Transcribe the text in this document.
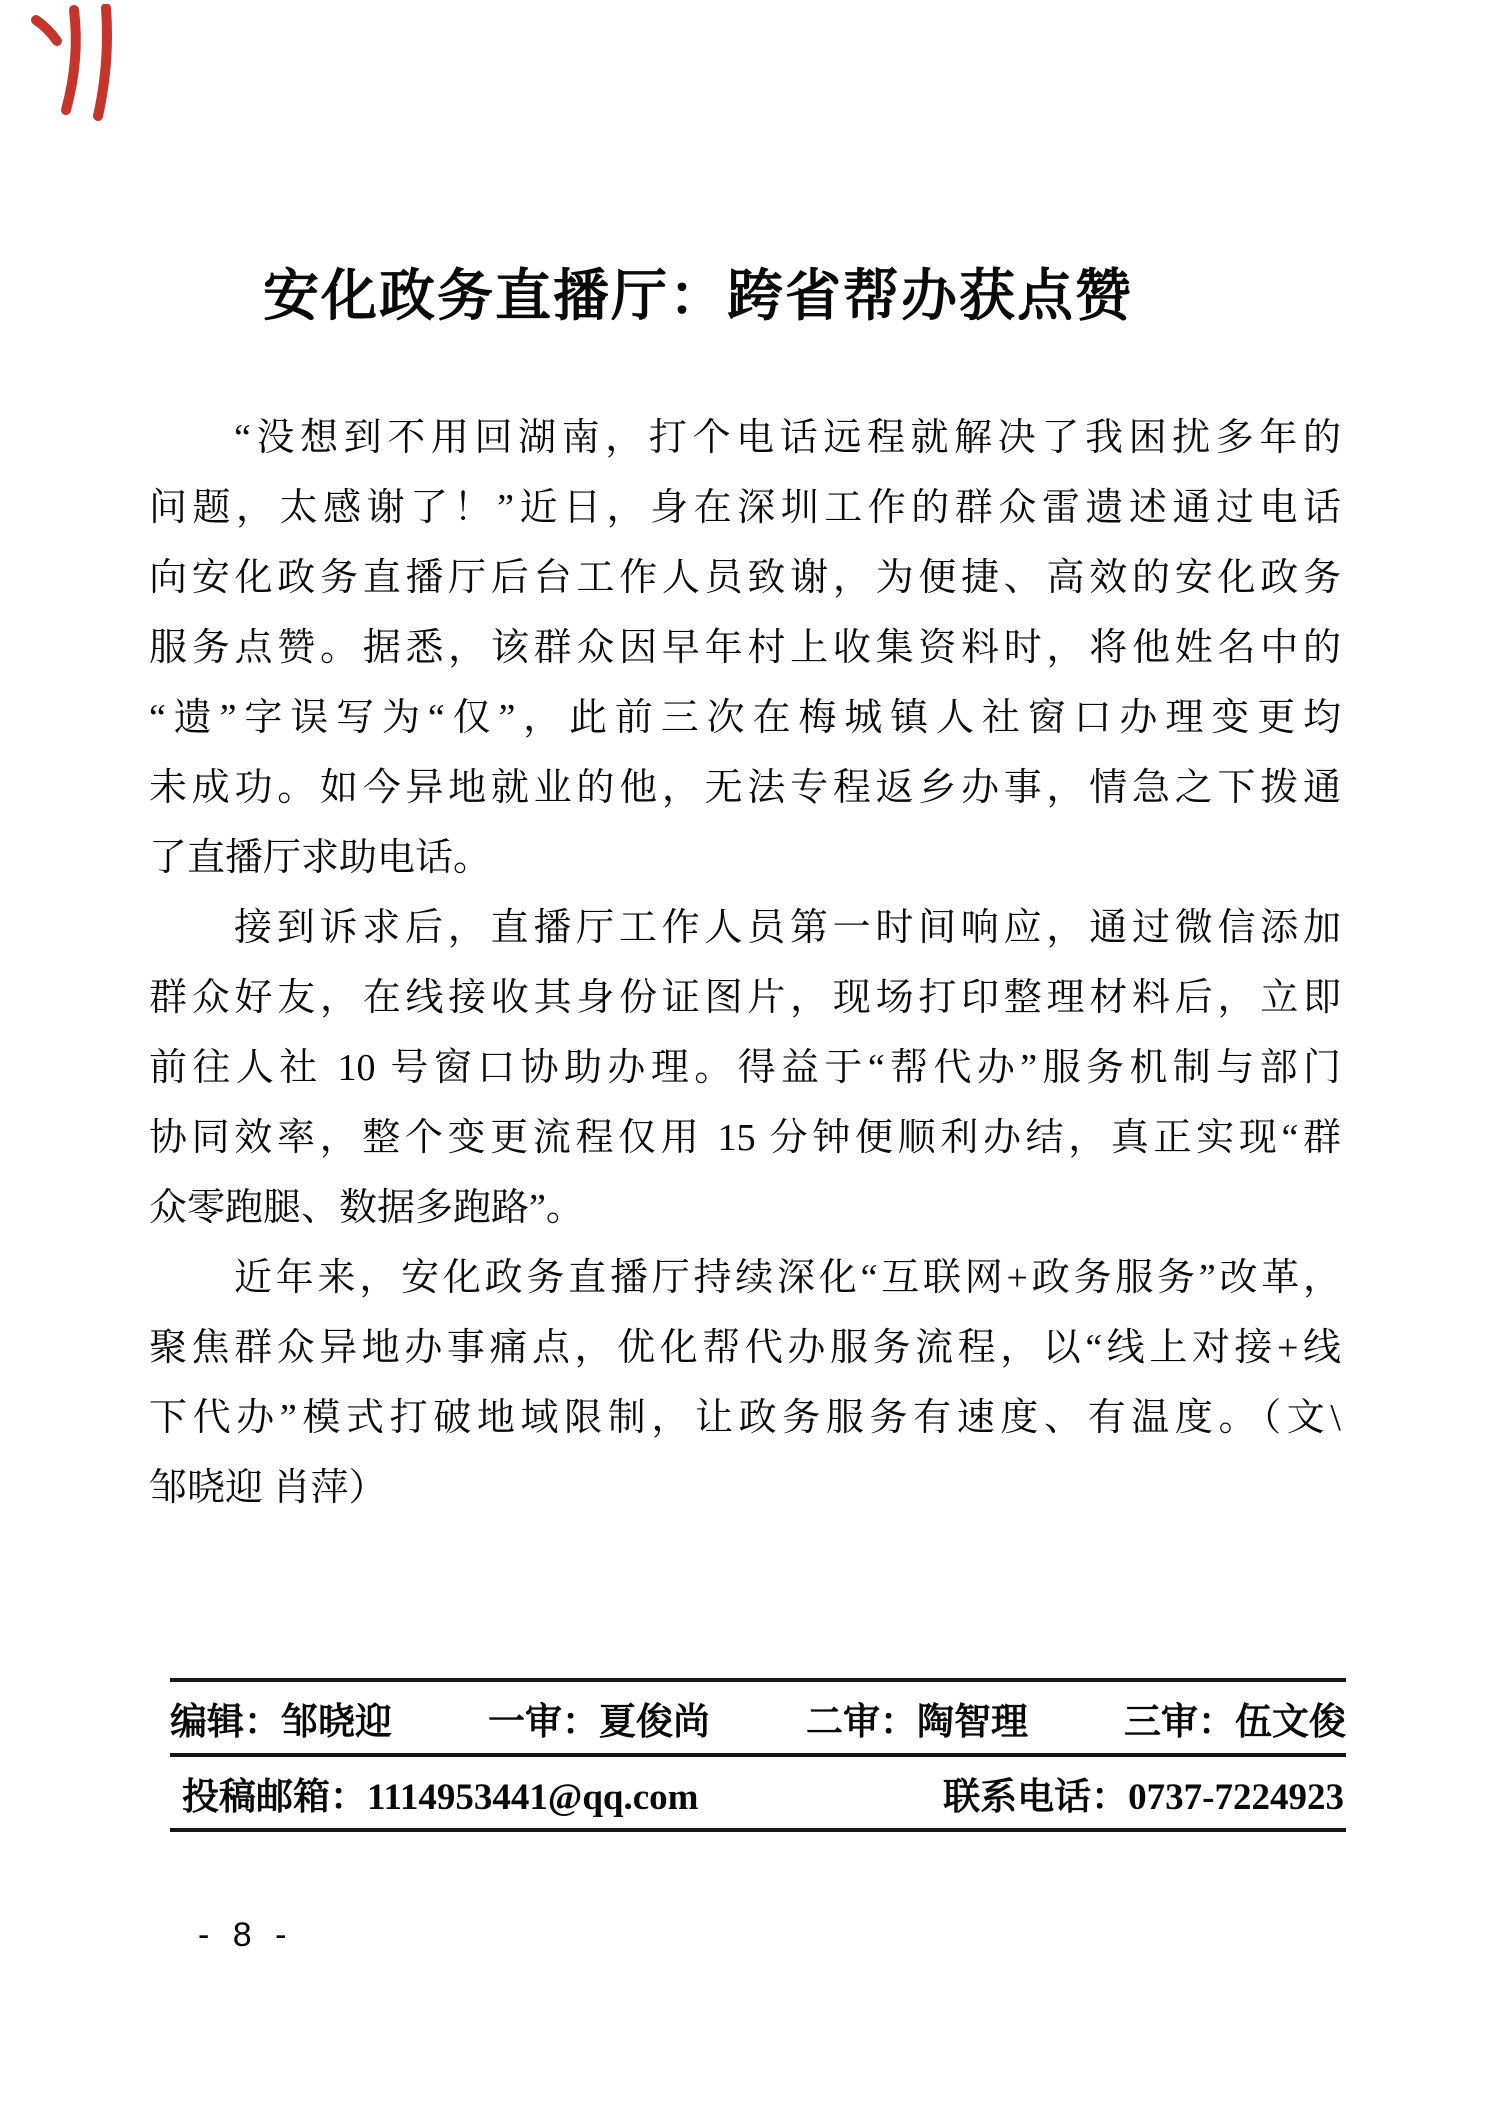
安化政务直播厅：跨省帮办获点赞
“没想到不用回湖南，打个电话远程就解决了我困扰多年的
问题，太感谢了！”近日，身在深圳工作的群众雷遗述通过电话
向安化政务直播厅后台工作人员致谢，为便捷、高效的安化政务
服务点赞。据悉，该群众因早年村上收集资料时，将他姓名中的
“遗”字误写为“仅”，此前三次在梅城镇人社窗口办理变更均
未成功。如今异地就业的他，无法专程返乡办事，情急之下拨通
了直播厅求助电话。
接到诉求后，直播厅工作人员第一时间响应，通过微信添加
群众好友，在线接收其身份证图片，现场打印整理材料后，立即
前往人社 10 号窗口协助办理。得益于“帮代办”服务机制与部门
协同效率，整个变更流程仅用 15 分钟便顺利办结，真正实现“群
众零跑腿、数据多跑路”。
近年来，安化政务直播厅持续深化“互联网+政务服务”改革，
聚焦群众异地办事痛点，优化帮代办服务流程，以“线上对接+线
下代办”模式打破地域限制，让政务服务有速度、有温度。（文\
邹晓迎 肖萍）
编辑：邹晓迎	一审：夏俊尚	二审：陶智理	三审：伍文俊
投稿邮箱：1114953441@qq.com	联系电话：0737-7224923
- 8 -
